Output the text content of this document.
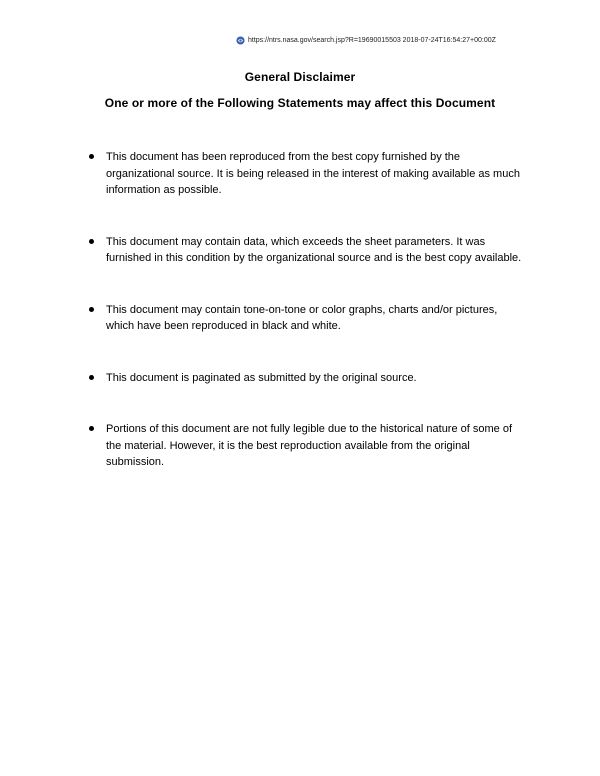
https://ntrs.nasa.gov/search.jsp?R=19690015503 2018-07-24T16:54:27+00:00Z
General Disclaimer
One or more of the Following Statements may affect this Document
This document has been reproduced from the best copy furnished by the organizational source. It is being released in the interest of making available as much information as possible.
This document may contain data, which exceeds the sheet parameters. It was furnished in this condition by the organizational source and is the best copy available.
This document may contain tone-on-tone or color graphs, charts and/or pictures, which have been reproduced in black and white.
This document is paginated as submitted by the original source.
Portions of this document are not fully legible due to the historical nature of some of the material. However, it is the best reproduction available from the original submission.
